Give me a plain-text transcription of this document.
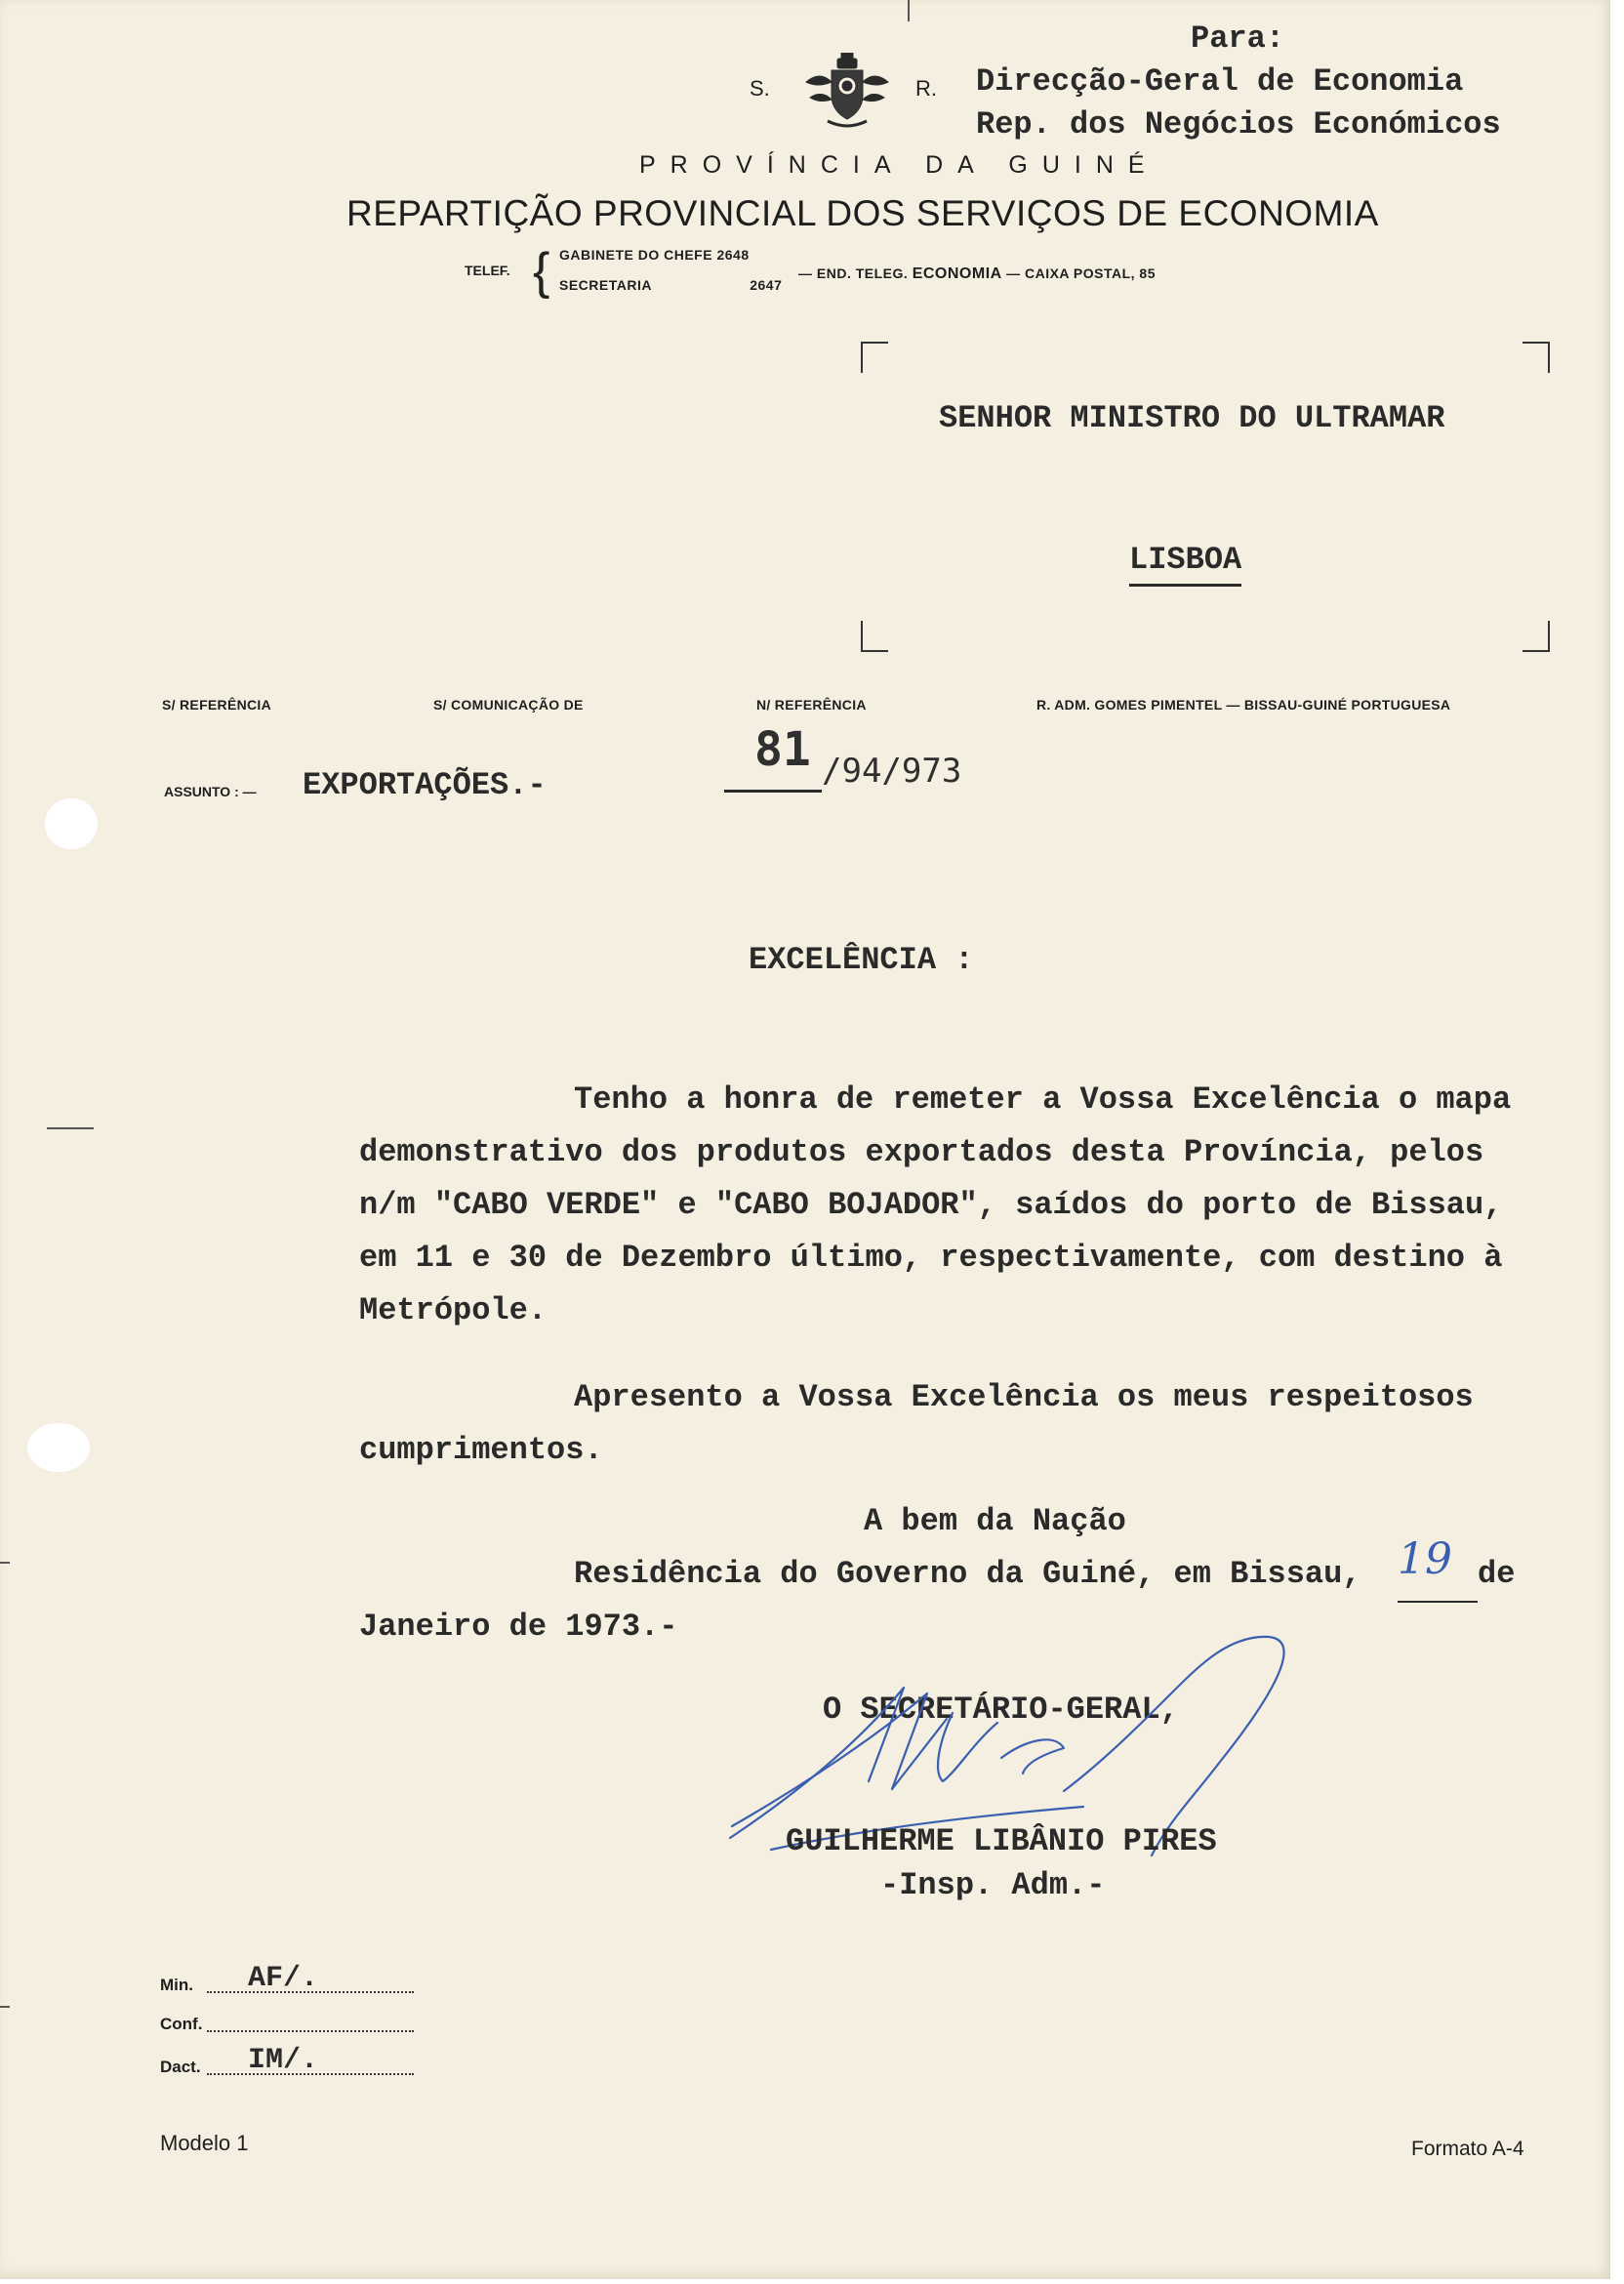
Para:
Direcção-Geral de Economia
Rep. dos Negócios Económicos
S.	R.
PROVÍNCIA DA GUINÉ
REPARTIÇÃO PROVINCIAL DOS SERVIÇOS DE ECONOMIA
TELEF. { GABINETE DO CHEFE 2648
SECRETARIA	2647
— END. TELEG. ECONOMIA — CAIXA POSTAL, 85
SENHOR MINISTRO DO ULTRAMAR
LISBOA
S/ REFERÊNCIA	S/ COMUNICAÇÃO DE	N/ REFERÊNCIA	R. ADM. GOMES PIMENTEL — BISSAU-GUINÉ PORTUGUESA
ASSUNTO : — EXPORTAÇÕES.-
81 /94/973
EXCELÊNCIA :
Tenho a honra de remeter a Vossa Excelência o mapa
demonstrativo dos produtos exportados desta Província, pelos
n/m "CABO VERDE" e "CABO BOJADOR", saídos do porto de Bissau,
em 11 e 30 de Dezembro último, respectivamente, com destino à
Metrópole.
Apresento a Vossa Excelência os meus respeitosos
cumprimentos.
A bem da Nação
Residência do Governo da Guiné, em Bissau, 19 de
Janeiro de 1973.-
O SECRETÁRIO-GERAL,
GUILHERME LIBÂNIO PIRES
-Insp. Adm.-
Min. AF/.
Conf.
Dact. IM/.
Modelo 1	Formato A-4
